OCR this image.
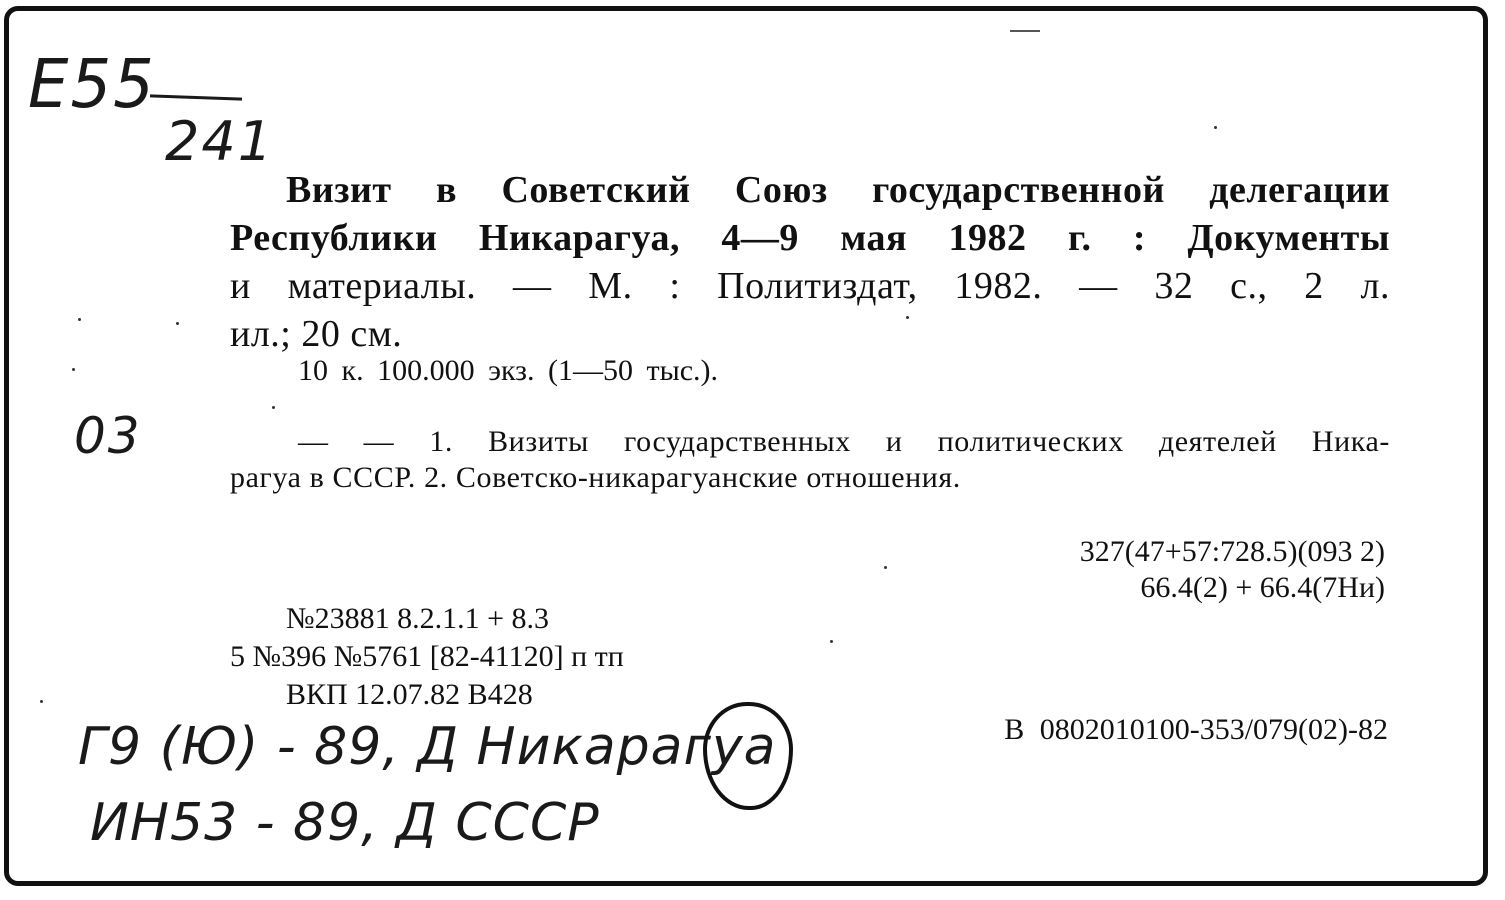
E55
241
Визит в Советский Союз государственной делегации
Республики Никарагуа, 4—9 мая 1982 г. : Документы
и материалы. — М. : Политиздат, 1982. — 32 с., 2 л.
ил.; 20 см.
10 к. 100.000 экз. (1—50 тыс.).
03	— — 1. Визиты государственных и политических деятелей Ника-
рагуа в СССР. 2. Советско-никарагуанские отношения.
327(47+57:728.5)(093 2)
66.4(2) + 66.4(7Ни)
№23881 8.2.1.1 + 8.3
5 №396 №5761 [82-41120] п тп
ВКП 12.07.82 В428
Г9 (Ю) - 89, Д Никарагуа
ИН53 - 89, Д СССР
В 0802010100-353/079(02)-82
